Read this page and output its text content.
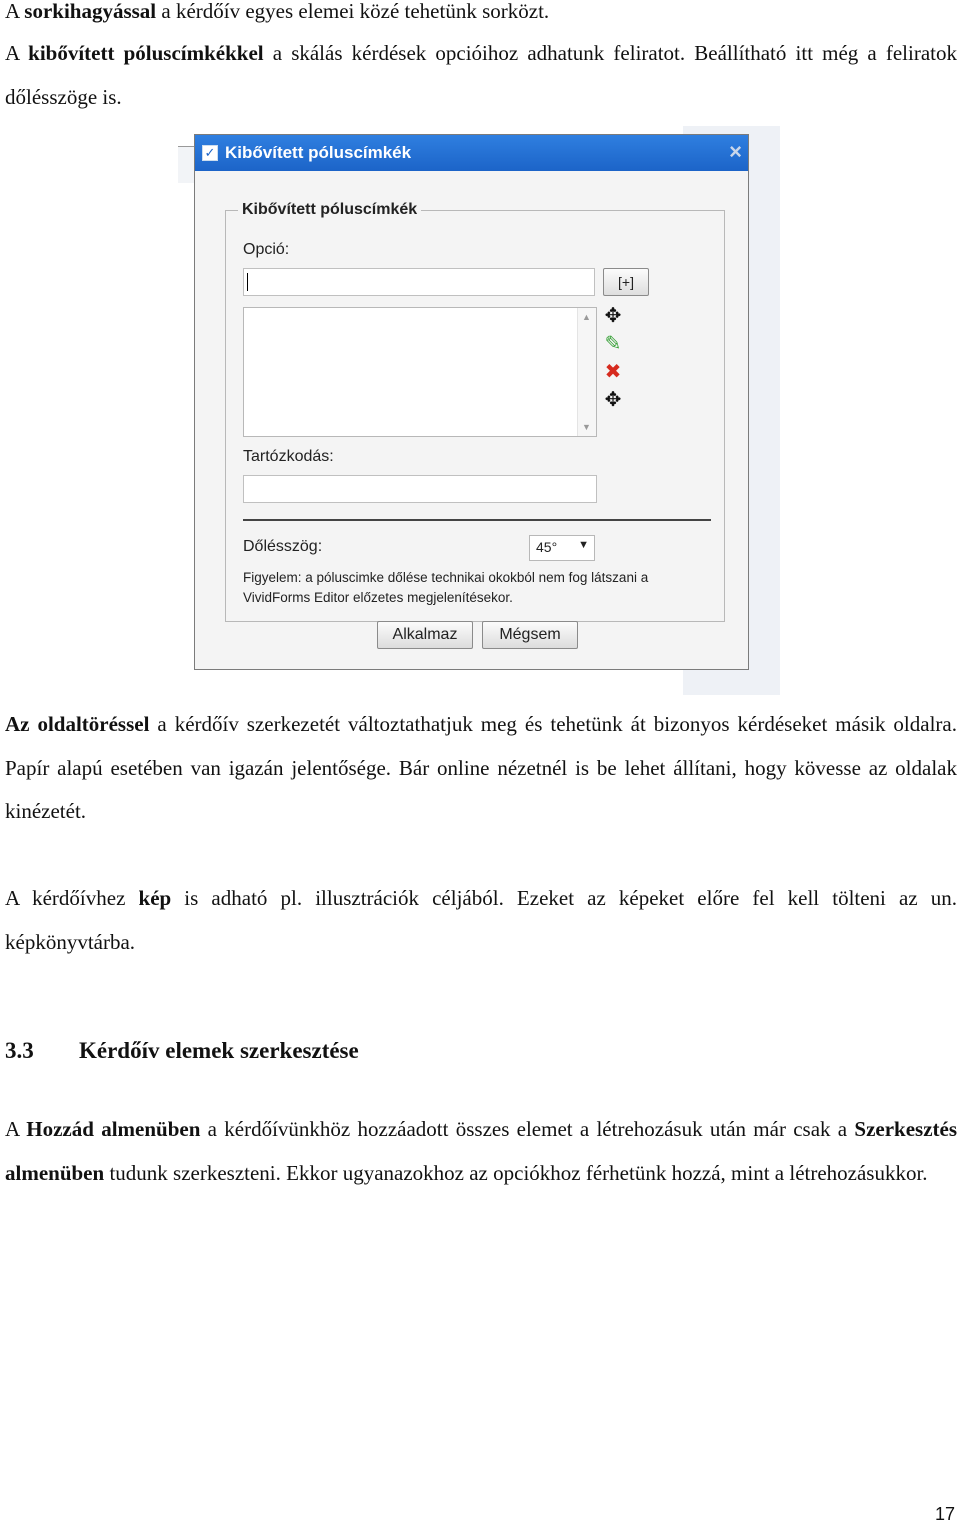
A sorkihagyással a kérdőív egyes elemei közé tehetünk sorközt.

A kibővített póluscímkékkel a skálás kérdések opcióihoz adhatunk feliratot. Beállítható itt még a feliratok dőlésszöge is.

✓ Kibővített póluscímkék	×
Kibővített póluscímkék
Opció:
[+]
▲
▼
✥
✎
✖
✥
Tartózkodás:
Dőlésszög:	45° ▼
Figyelem: a póluscimke dőlése technikai okokból nem fog látszani a VividForms Editor előzetes megjelenítésekor.
Alkalmaz	Mégsem

Az oldaltöréssel a kérdőív szerkezetét változtathatjuk meg és tehetünk át bizonyos kérdéseket másik oldalra. Papír alapú esetében van igazán jelentősége. Bár online nézetnél is be lehet állítani, hogy kövesse az oldalak kinézetét.

A kérdőívhez kép is adható pl. illusztrációk céljából. Ezeket az képeket előre fel kell tölteni az un. képkönyvtárba.

3.3 Kérdőív elemek szerkesztése

A Hozzád almenüben a kérdőívünkhöz hozzáadott összes elemet a létrehozásuk után már csak a Szerkesztés almenüben tudunk szerkeszteni. Ekkor ugyanazokhoz az opciókhoz férhetünk hozzá, mint a létrehozásukkor.

17
